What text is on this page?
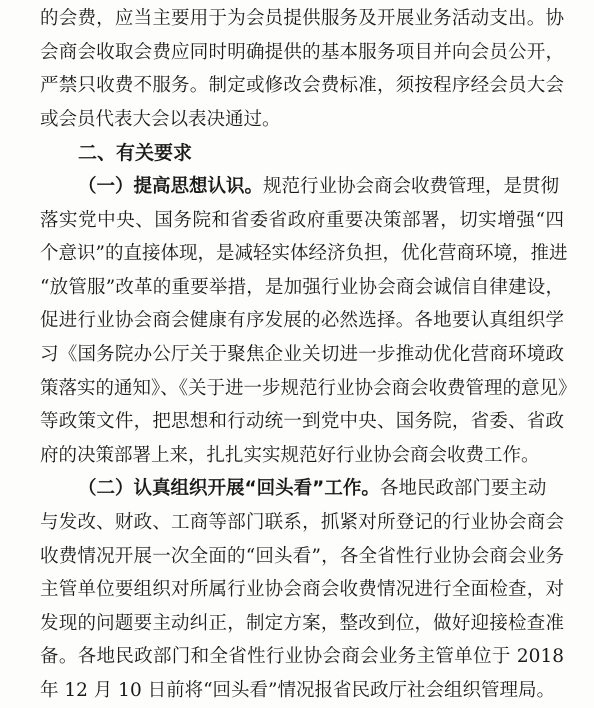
的会费，应当主要用于为会员提供服务及开展业务活动支出。协
会商会收取会费应同时明确提供的基本服务项目并向会员公开，
严禁只收费不服务。制定或修改会费标准，须按程序经会员大会
或会员代表大会以表决通过。
二、有关要求
（一）提高思想认识。规范行业协会商会收费管理，是贯彻
落实党中央、国务院和省委省政府重要决策部署，切实增强“四
个意识”的直接体现，是减轻实体经济负担，优化营商环境，推进
“放管服”改革的重要举措，是加强行业协会商会诚信自律建设，
促进行业协会商会健康有序发展的必然选择。各地要认真组织学
习《国务院办公厅关于聚焦企业关切进一步推动优化营商环境政
策落实的通知》、《关于进一步规范行业协会商会收费管理的意见》
等政策文件，把思想和行动统一到党中央、国务院，省委、省政
府的决策部署上来，扎扎实实规范好行业协会商会收费工作。
（二）认真组织开展“回头看”工作。各地民政部门要主动
与发改、财政、工商等部门联系，抓紧对所登记的行业协会商会
收费情况开展一次全面的“回头看”，各全省性行业协会商会业务
主管单位要组织对所属行业协会商会收费情况进行全面检查，对
发现的问题要主动纠正，制定方案，整改到位，做好迎接检查准
备。各地民政部门和全省性行业协会商会业务主管单位于 2018
年 12 月 10 日前将“回头看”情况报省民政厅社会组织管理局。
